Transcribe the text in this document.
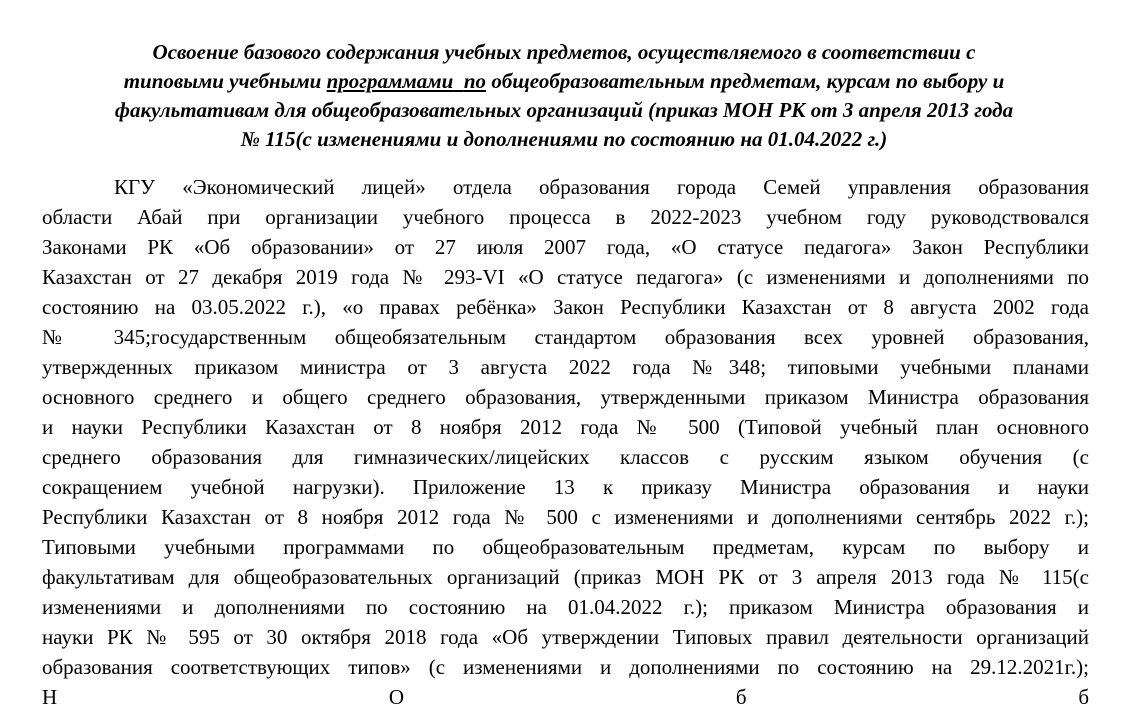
Освоение базового содержания учебных предметов, осуществляемого в соответствии с
типовыми учебными программами по общеобразовательным предметам, курсам по выбору и
факультативам для общеобразовательных организаций (приказ МОН РК от 3 апреля 2013 года
№ 115(с изменениями и дополнениями по состоянию на 01.04.2022 г.)

КГУ «Экономический лицей» отдела образования города Семей управления образования
области Абай при организации учебного процесса в 2022-2023 учебном году руководствовался
Законами РК «Об образовании» от 27 июля 2007 года, «О статусе педагога» Закон Республики
Казахстан от 27 декабря 2019 года № 293-VI «О статусе педагога» (с изменениями и дополнениями по
состоянию на 03.05.2022 г.), «о правах ребёнка» Закон Республики Казахстан от 8 августа 2002 года
№ 345;государственным общеобязательным стандартом образования всех уровней образования,
утвержденных приказом министра от 3 августа 2022 года №348; типовыми учебными планами
основного среднего и общего среднего образования, утвержденными приказом Министра образования
и науки Республики Казахстан от 8 ноября 2012 года № 500 (Типовой учебный план основного
среднего образования для гимназических/лицейских классов с русским языком обучения (с
сокращением учебной нагрузки). Приложение 13 к приказу Министра образования и науки
Республики Казахстан от 8 ноября 2012 года № 500 с изменениями и дополнениями сентябрь 2022 г.);
Типовыми учебными программами по общеобразовательным предметам, курсам по выбору и
факультативам для общеобразовательных организаций (приказ МОН РК от 3 апреля 2013 года № 115(с
изменениями и дополнениями по состоянию на 01.04.2022 г.); приказом Министра образования и
науки РК № 595 от 30 октября 2018 года «Об утверждении Типовых правил деятельности организаций
образования соответствующих типов» (с изменениями и дополнениями по состоянию на 29.12.2021г.);
Н О б б
